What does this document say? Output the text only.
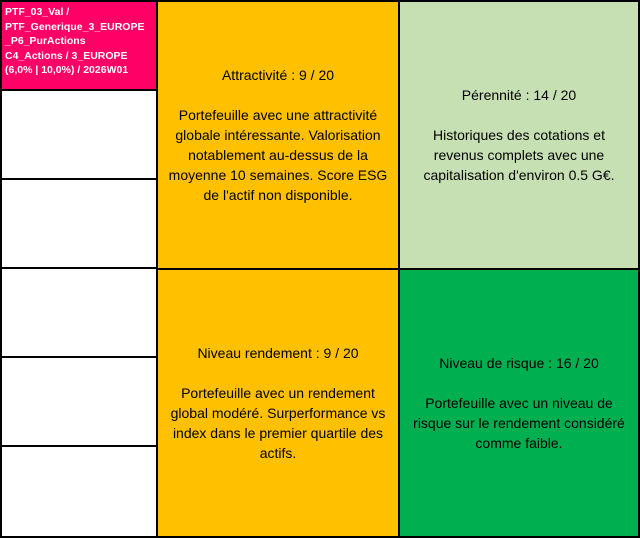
PTF_03_Val /
PTF_Generique_3_EUROPE
_P6_PurActions
C4_Actions / 3_EUROPE
(6,0% | 10,0%) / 2026W01	Attractivité : 9 / 20
Portefeuille avec une attractivité globale intéressante. Valorisation notablement au-dessus de la moyenne 10 semaines. Score ESG de l'actif non disponible.
Pérennité : 14 / 20
Historiques des cotations et revenus complets avec une capitalisation d'environ 0.5 G€.
Niveau rendement : 9 / 20
Portefeuille avec un rendement global modéré. Surperformance vs index dans le premier quartile des actifs.
Niveau de risque : 16 / 20
Portefeuille avec un niveau de risque sur le rendement considéré comme faible.
